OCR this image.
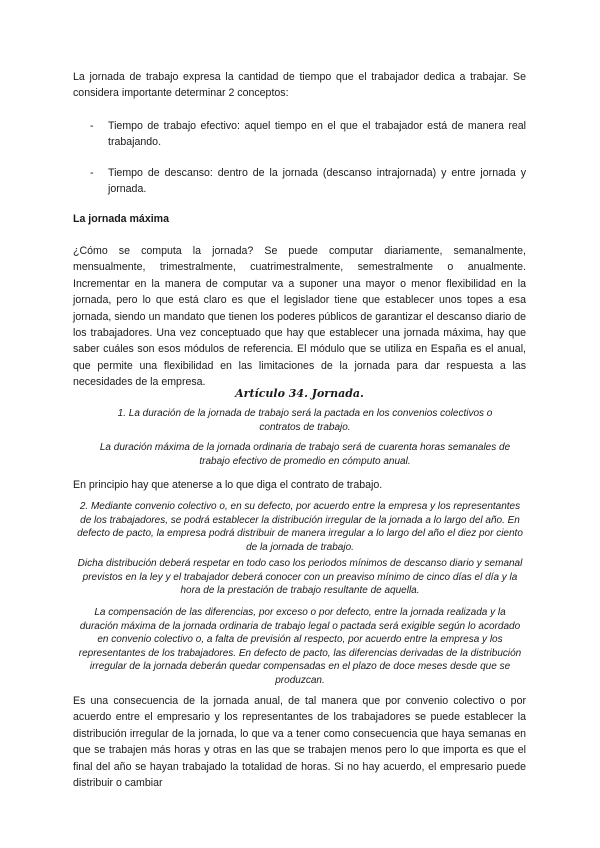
La jornada de trabajo expresa la cantidad de tiempo que el trabajador dedica a trabajar. Se considera importante determinar 2 conceptos:

- Tiempo de trabajo efectivo: aquel tiempo en el que el trabajador está de manera real trabajando.

- Tiempo de descanso: dentro de la jornada (descanso intrajornada) y entre jornada y jornada.

La jornada máxima

¿Cómo se computa la jornada? Se puede computar diariamente, semanalmente, mensualmente, trimestralmente, cuatrimestralmente, semestralmente o anualmente. Incrementar en la manera de computar va a suponer una mayor o menor flexibilidad en la jornada, pero lo que está claro es que el legislador tiene que establecer unos topes a esa jornada, siendo un mandato que tienen los poderes públicos de garantizar el descanso diario de los trabajadores. Una vez conceptuado que hay que establecer una jornada máxima, hay que saber cuáles son esos módulos de referencia. El módulo que se utiliza en España es el anual, que permite una flexibilidad en las limitaciones de la jornada para dar respuesta a las necesidades de la empresa.

Artículo 34. Jornada.

1. La duración de la jornada de trabajo será la pactada en los convenios colectivos o contratos de trabajo.

La duración máxima de la jornada ordinaria de trabajo será de cuarenta horas semanales de trabajo efectivo de promedio en cómputo anual.

En principio hay que atenerse a lo que diga el contrato de trabajo.

2. Mediante convenio colectivo o, en su defecto, por acuerdo entre la empresa y los representantes de los trabajadores, se podrá establecer la distribución irregular de la jornada a lo largo del año. En defecto de pacto, la empresa podrá distribuir de manera irregular a lo largo del año el diez por ciento de la jornada de trabajo.

Dicha distribución deberá respetar en todo caso los periodos mínimos de descanso diario y semanal previstos en la ley y el trabajador deberá conocer con un preaviso mínimo de cinco días el día y la hora de la prestación de trabajo resultante de aquella.

La compensación de las diferencias, por exceso o por defecto, entre la jornada realizada y la duración máxima de la jornada ordinaria de trabajo legal o pactada será exigible según lo acordado en convenio colectivo o, a falta de previsión al respecto, por acuerdo entre la empresa y los representantes de los trabajadores. En defecto de pacto, las diferencias derivadas de la distribución irregular de la jornada deberán quedar compensadas en el plazo de doce meses desde que se produzcan.

Es una consecuencia de la jornada anual, de tal manera que por convenio colectivo o por acuerdo entre el empresario y los representantes de los trabajadores se puede establecer la distribución irregular de la jornada, lo que va a tener como consecuencia que haya semanas en que se trabajen más horas y otras en las que se trabajen menos pero lo que importa es que el final del año se hayan trabajado la totalidad de horas. Si no hay acuerdo, el empresario puede distribuir o cambiar
